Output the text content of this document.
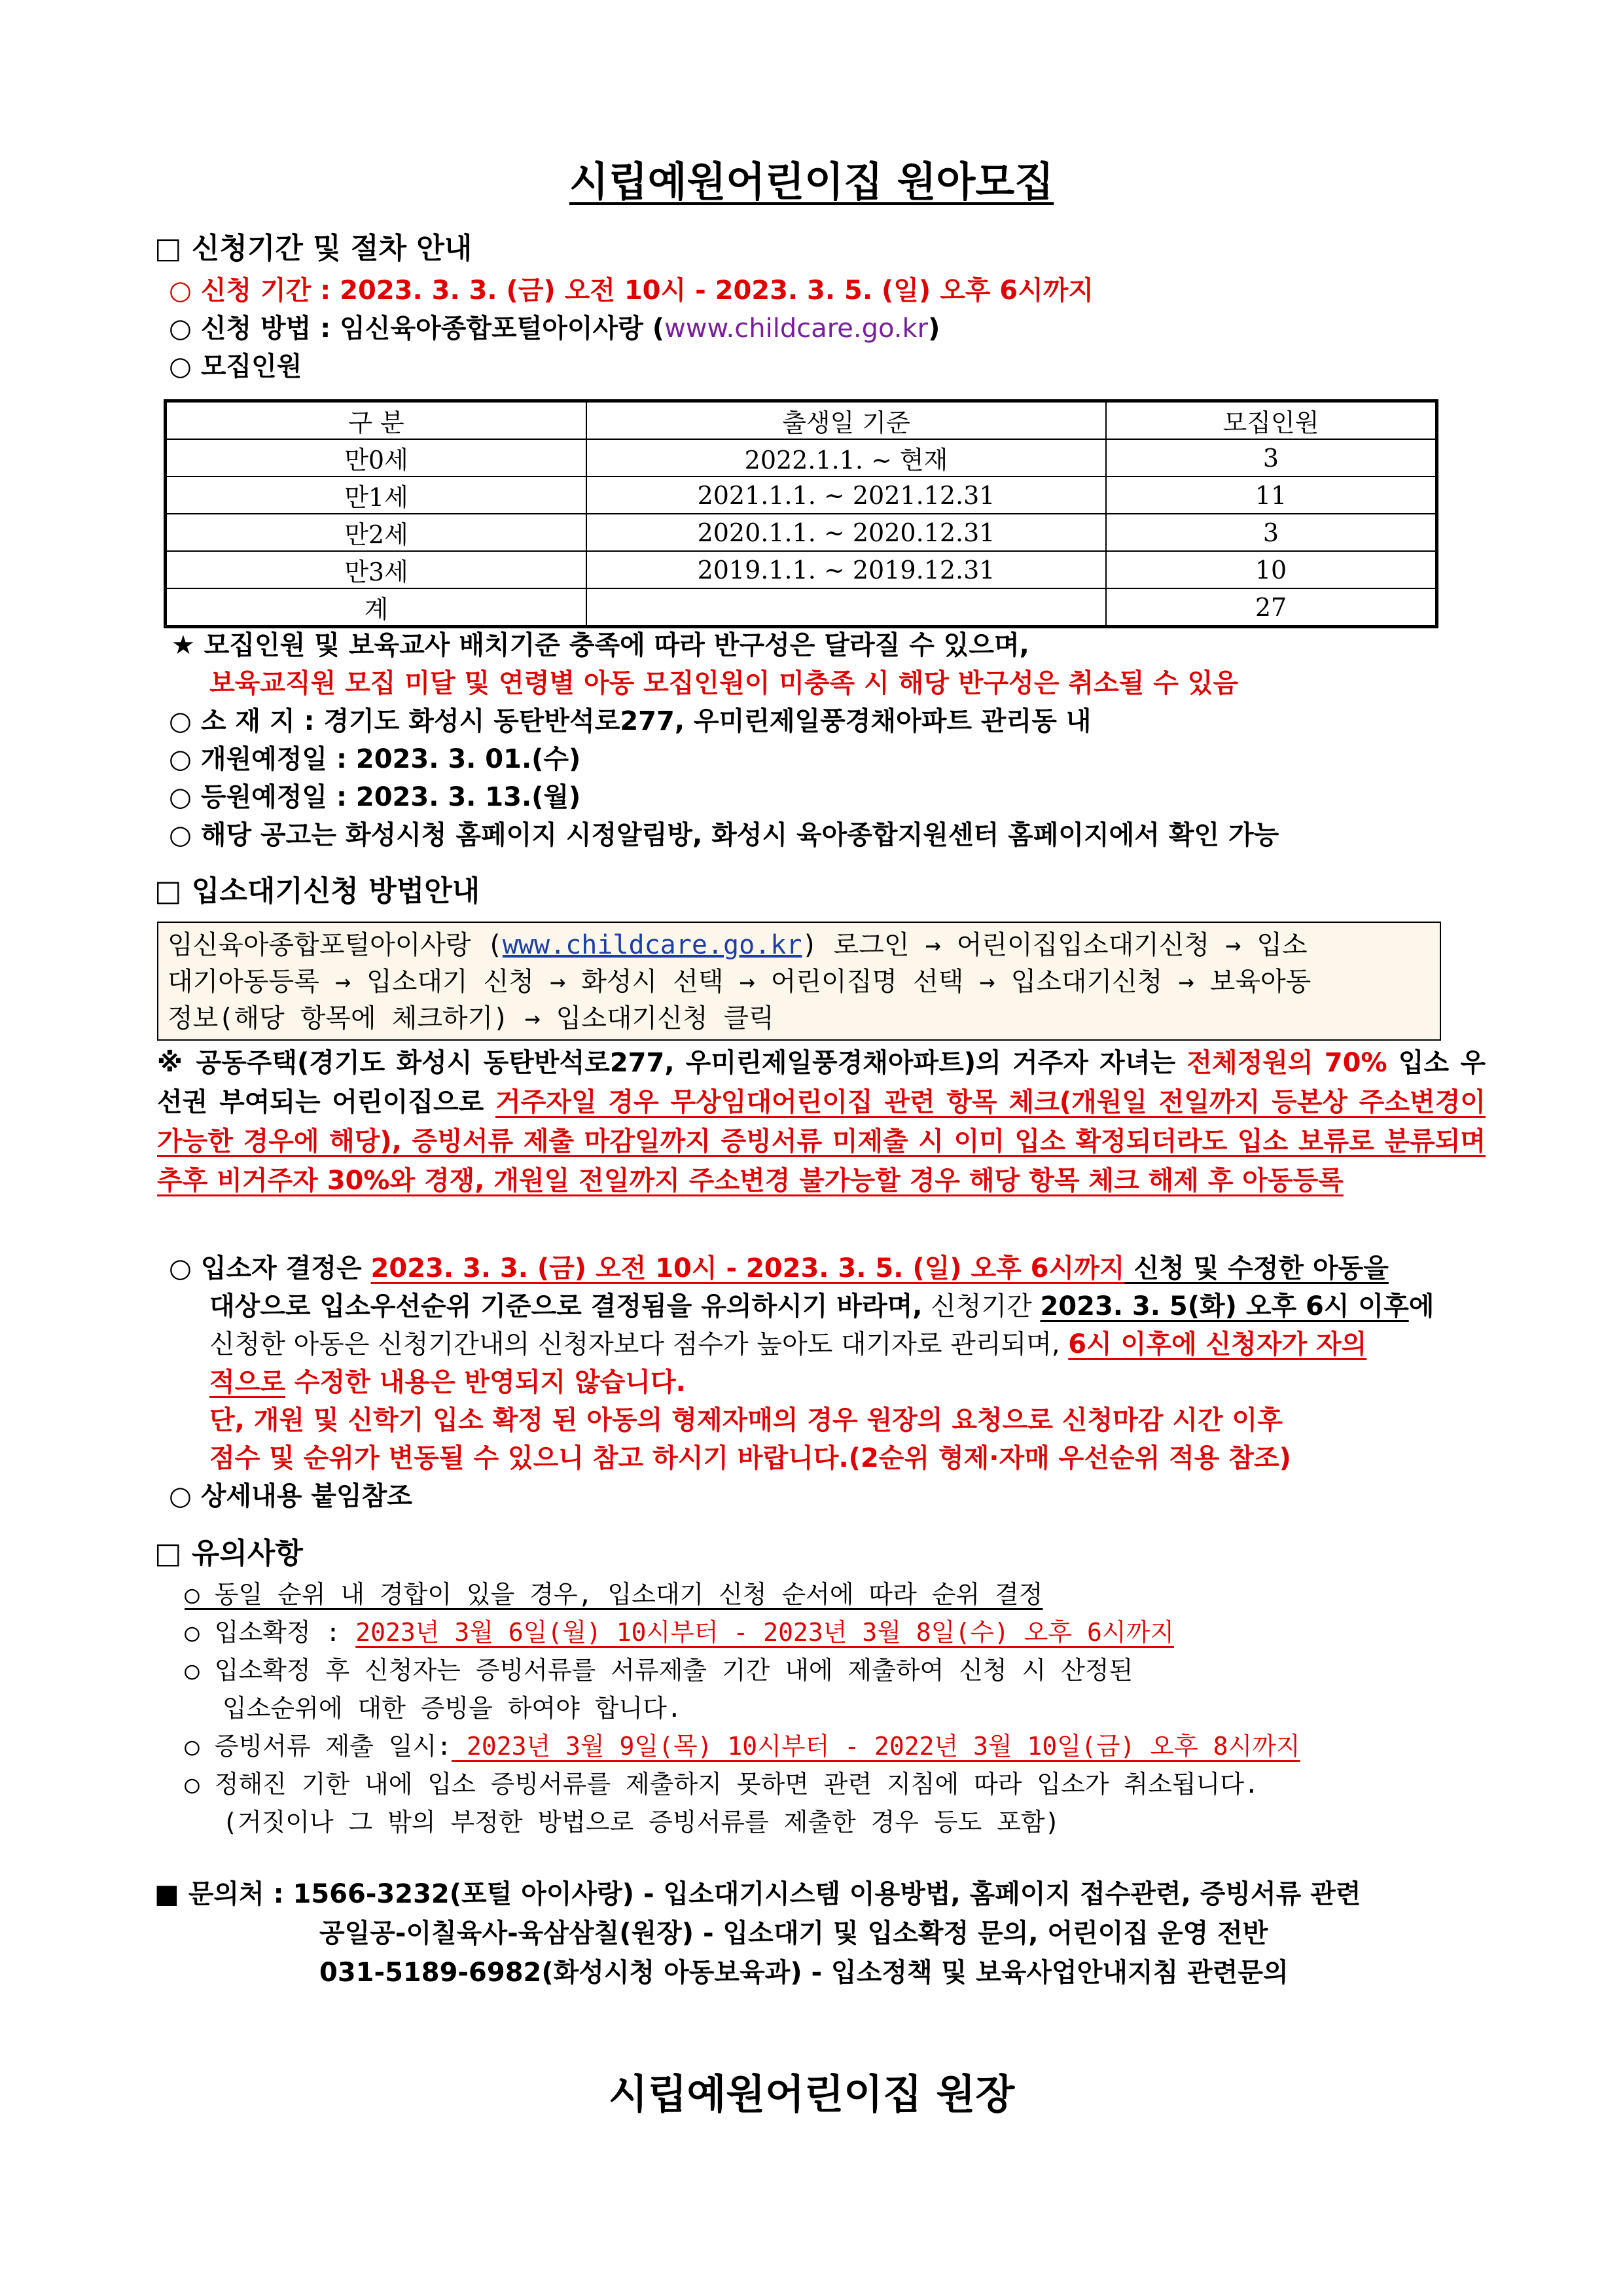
시립예원어린이집 원아모집
□ 신청기간 및 절차 안내
○ 신청 기간 : 2023. 3. 3. (금) 오전 10시 - 2023. 3. 5. (일) 오후 6시까지
○ 신청 방법 : 임신육아종합포털아이사랑 (www.childcare.go.kr)
○ 모집인원
구 분	출생일 기준	모집인원
만0세	2022.1.1. ~ 현재	3
만1세	2021.1.1. ~ 2021.12.31	11
만2세	2020.1.1. ~ 2020.12.31	3
만3세	2019.1.1. ~ 2019.12.31	10
계		27
★ 모집인원 및 보육교사 배치기준 충족에 따라 반구성은 달라질 수 있으며,
보육교직원 모집 미달 및 연령별 아동 모집인원이 미충족 시 해당 반구성은 취소될 수 있음
○ 소 재 지 : 경기도 화성시 동탄반석로277, 우미린제일풍경채아파트 관리동 내
○ 개원예정일 : 2023. 3. 01.(수)
○ 등원예정일 : 2023. 3. 13.(월)
○ 해당 공고는 화성시청 홈페이지 시정알림방, 화성시 육아종합지원센터 홈페이지에서 확인 가능
□ 입소대기신청 방법안내
임신육아종합포털아이사랑 (www.childcare.go.kr) 로그인 → 어린이집입소대기신청 → 입소
대기아동등록 → 입소대기 신청 → 화성시 선택 → 어린이집명 선택 → 입소대기신청 → 보육아동
정보(해당 항목에 체크하기) → 입소대기신청 클릭
※ 공동주택(경기도 화성시 동탄반석로277, 우미린제일풍경채아파트)의 거주자 자녀는 전체정원의 70% 입소 우선권 부여되는 어린이집으로 거주자일 경우 무상임대어린이집 관련 항목 체크(개원일 전일까지 등본상 주소변경이 가능한 경우에 해당), 증빙서류 제출 마감일까지 증빙서류 미제출 시 이미 입소 확정되더라도 입소 보류로 분류되며 추후 비거주자 30%와 경쟁, 개원일 전일까지 주소변경 불가능할 경우 해당 항목 체크 해제 후 아동등록
○ 입소자 결정은 2023. 3. 3. (금) 오전 10시 - 2023. 3. 5. (일) 오후 6시까지 신청 및 수정한 아동을
대상으로 입소우선순위 기준으로 결정됨을 유의하시기 바라며, 신청기간 2023. 3. 5(화) 오후 6시 이후에
신청한 아동은 신청기간내의 신청자보다 점수가 높아도 대기자로 관리되며, 6시 이후에 신청자가 자의
적으로 수정한 내용은 반영되지 않습니다.
단, 개원 및 신학기 입소 확정 된 아동의 형제자매의 경우 원장의 요청으로 신청마감 시간 이후
점수 및 순위가 변동될 수 있으니 참고 하시기 바랍니다.(2순위 형제·자매 우선순위 적용 참조)
○ 상세내용 붙임참조
□ 유의사항
○ 동일 순위 내 경합이 있을 경우, 입소대기 신청 순서에 따라 순위 결정
○ 입소확정 : 2023년 3월 6일(월) 10시부터 - 2023년 3월 8일(수) 오후 6시까지
○ 입소확정 후 신청자는 증빙서류를 서류제출 기간 내에 제출하여 신청 시 산정된
입소순위에 대한 증빙을 하여야 합니다.
○ 증빙서류 제출 일시: 2023년 3월 9일(목) 10시부터 - 2022년 3월 10일(금) 오후 8시까지
○ 정해진 기한 내에 입소 증빙서류를 제출하지 못하면 관련 지침에 따라 입소가 취소됩니다.
(거짓이나 그 밖의 부정한 방법으로 증빙서류를 제출한 경우 등도 포함)
■ 문의처 : 1566-3232(포털 아이사랑) - 입소대기시스템 이용방법, 홈페이지 접수관련, 증빙서류 관련
공일공-이칠육사-육삼삼칠(원장) - 입소대기 및 입소확정 문의, 어린이집 운영 전반
031-5189-6982(화성시청 아동보육과) - 입소정책 및 보육사업안내지침 관련문의
시립예원어린이집 원장
